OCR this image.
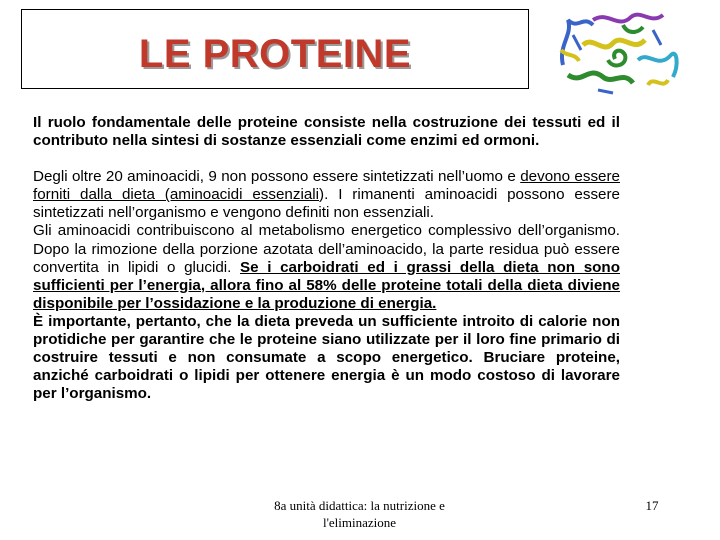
LE PROTEINE

Il ruolo fondamentale delle proteine consiste nella costruzione dei tessuti ed il contributo nella sintesi di sostanze essenziali come enzimi ed ormoni.

Degli oltre 20 aminoacidi, 9 non possono essere sintetizzati nell’uomo e devono essere forniti dalla dieta (aminoacidi essenziali). I rimanenti aminoacidi possono essere sintetizzati nell’organismo e vengono definiti non essenziali.

Gli aminoacidi contribuiscono al metabolismo energetico complessivo dell’organismo. Dopo la rimozione della porzione azotata dell’aminoacido, la parte residua può essere convertita in lipidi o glucidi. Se i carboidrati ed i grassi della dieta non sono sufficienti per l’energia, allora fino al 58% delle proteine totali della dieta diviene disponibile per l’ossidazione e la produzione di energia.

È importante, pertanto, che la dieta preveda un sufficiente introito di calorie non protidiche per garantire che le proteine siano utilizzate per il loro fine primario di costruire tessuti e non consumate a scopo energetico. Bruciare proteine, anziché carboidrati o lipidi per ottenere energia è un modo costoso di lavorare per l’organismo.

8a unità didattica: la nutrizione e
l'eliminazione
17
